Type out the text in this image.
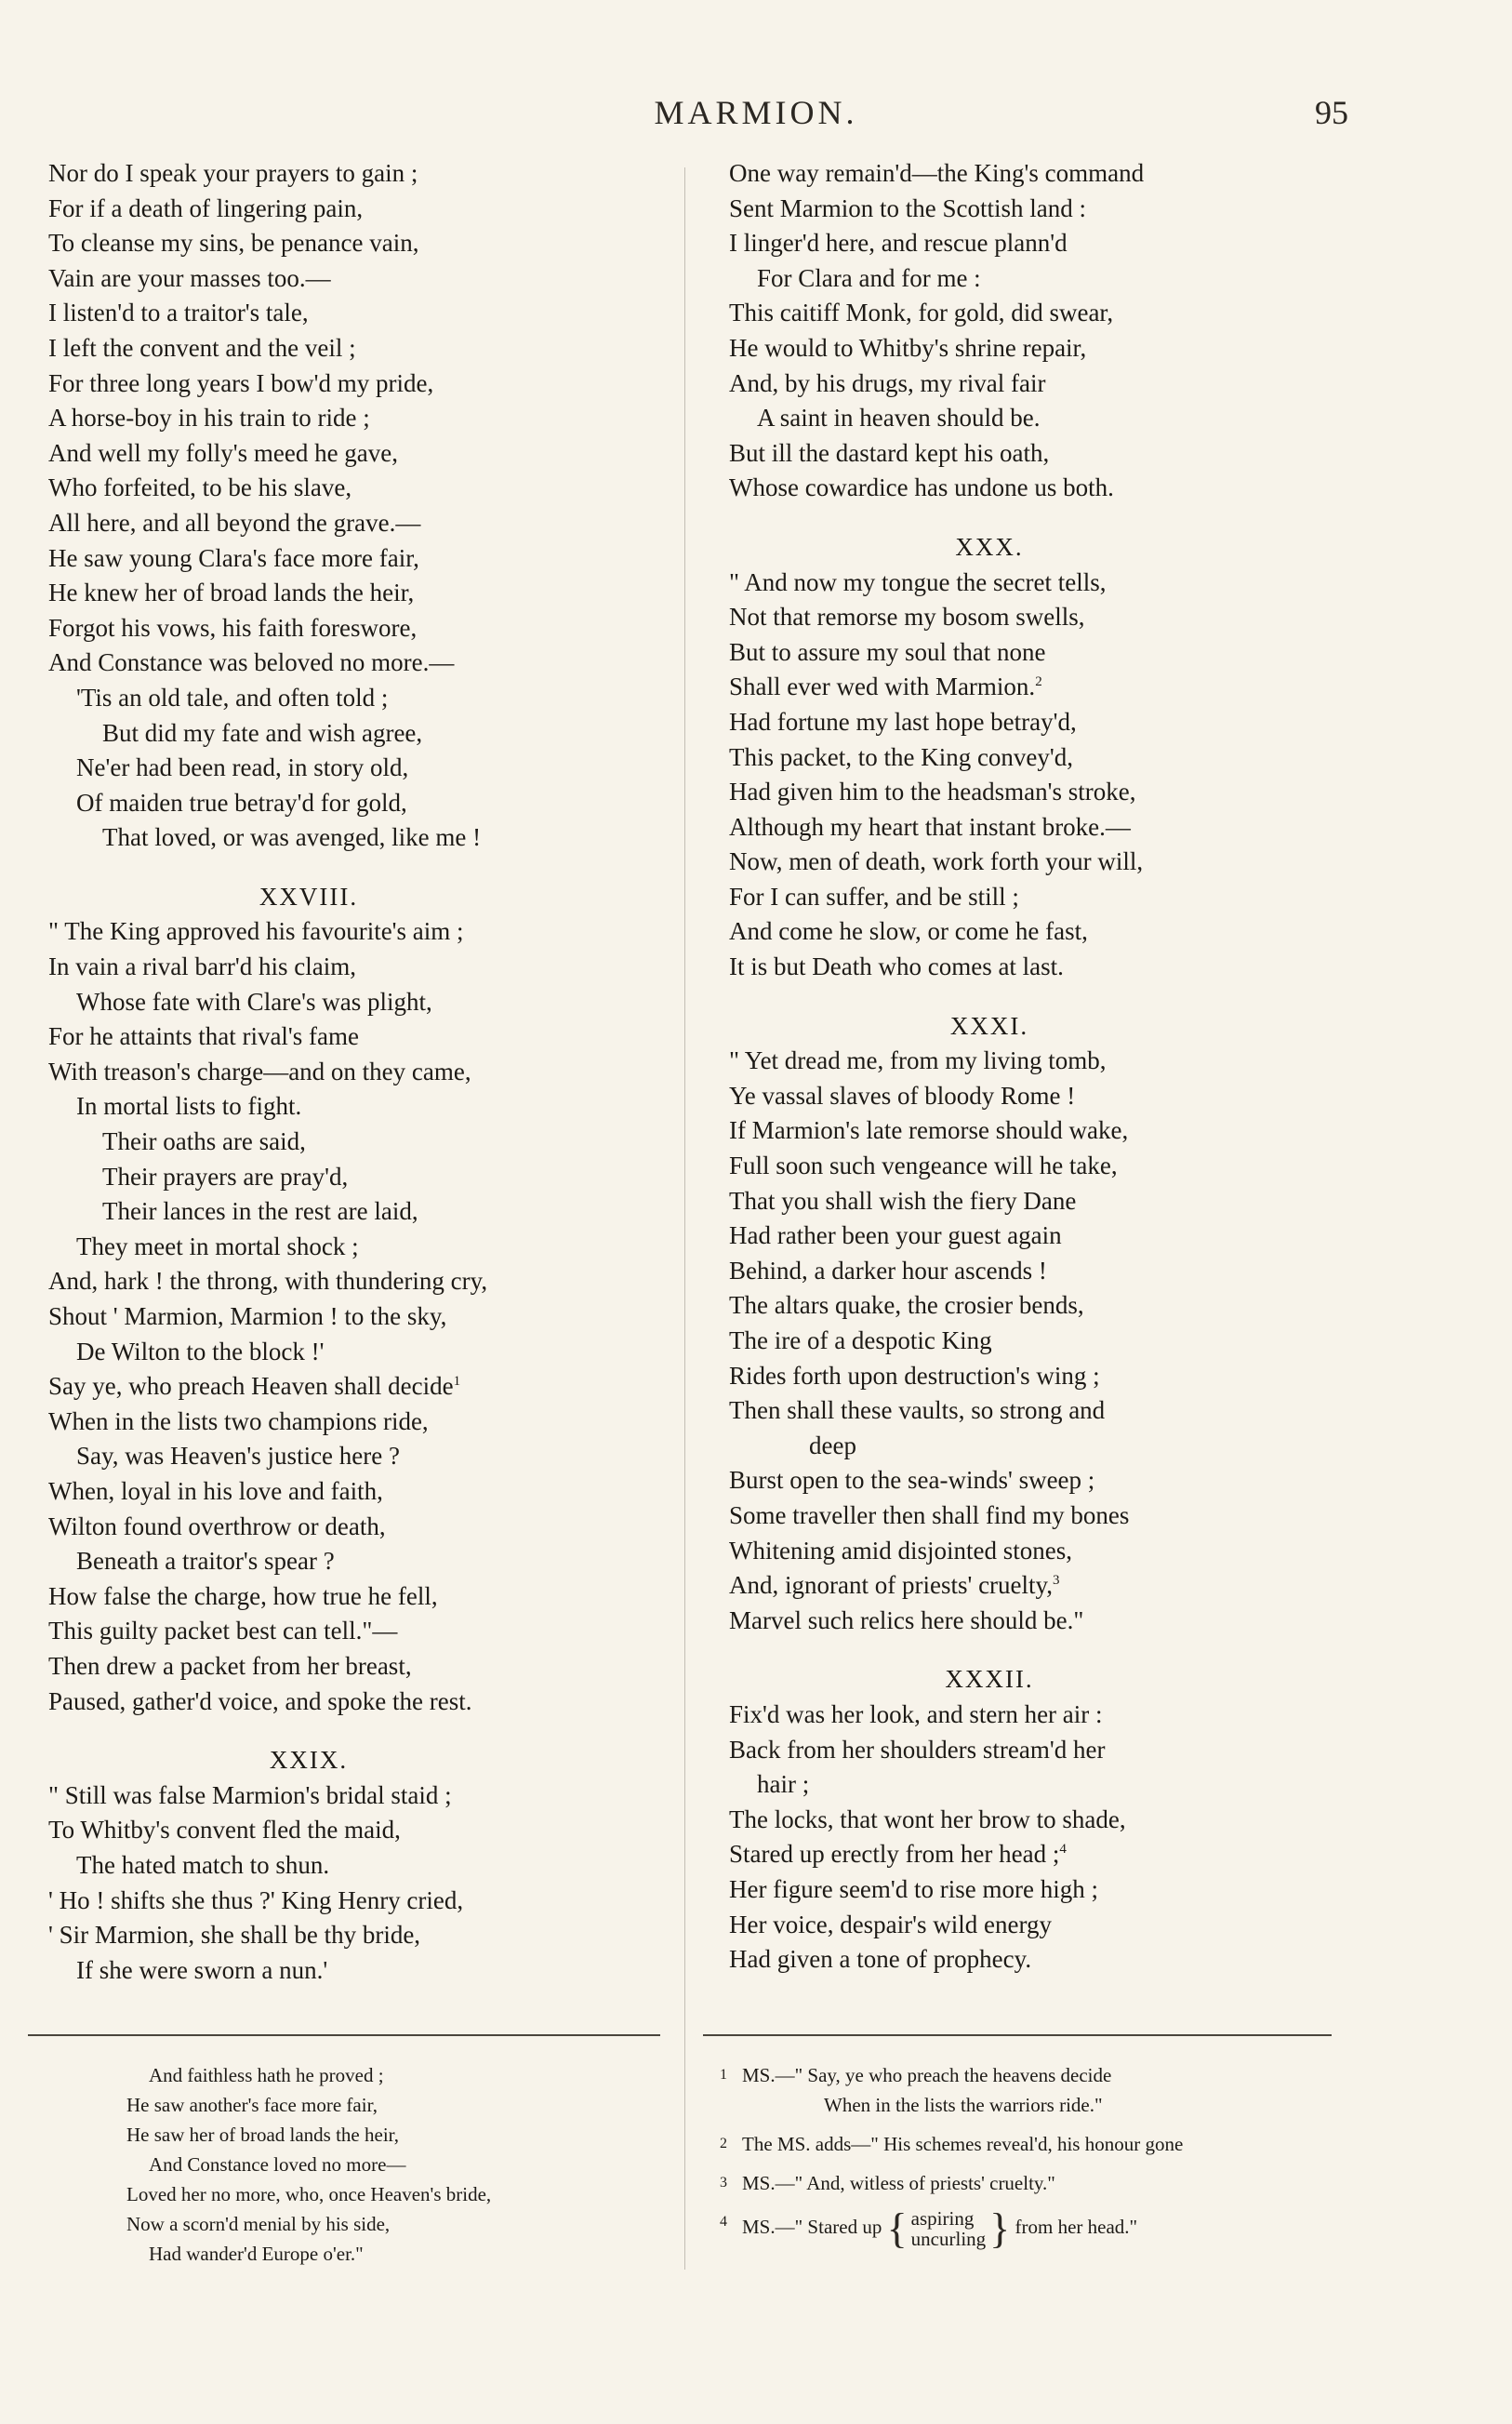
MARMION.	95
Nor do I speak your prayers to gain ;
For if a death of lingering pain,
To cleanse my sins, be penance vain,
Vain are your masses too.—
I listen'd to a traitor's tale,
I left the convent and the veil ;
For three long years I bow'd my pride,
A horse-boy in his train to ride ;
And well my folly's meed he gave,
Who forfeited, to be his slave,
All here, and all beyond the grave.—
He saw young Clara's face more fair,
He knew her of broad lands the heir,
Forgot his vows, his faith foreswore,
And Constance was beloved no more.—
'Tis an old tale, and often told ;
But did my fate and wish agree,
Ne'er had been read, in story old,
Of maiden true betray'd for gold,
That loved, or was avenged, like me !
XXVIII.
" The King approved his favourite's aim ;
In vain a rival barr'd his claim,
Whose fate with Clare's was plight,
For he attaints that rival's fame
With treason's charge—and on they came,
In mortal lists to fight.
Their oaths are said,
Their prayers are pray'd,
Their lances in the rest are laid,
They meet in mortal shock ;
And, hark ! the throng, with thundering cry,
Shout ' Marmion, Marmion ! to the sky,
De Wilton to the block !'
Say ye, who preach Heaven shall decide$^1$
When in the lists two champions ride,
Say, was Heaven's justice here ?
When, loyal in his love and faith,
Wilton found overthrow or death,
Beneath a traitor's spear ?
How false the charge, how true he fell,
This guilty packet best can tell."—
Then drew a packet from her breast,
Paused, gather'd voice, and spoke the rest.
XXIX.
" Still was false Marmion's bridal staid ;
To Whitby's convent fled the maid,
The hated match to shun.
' Ho ! shifts she thus ?' King Henry cried,
' Sir Marmion, she shall be thy bride,
If she were sworn a nun.'
One way remain'd—the King's command
Sent Marmion to the Scottish land :
I linger'd here, and rescue plann'd
For Clara and for me :
This caitiff Monk, for gold, did swear,
He would to Whitby's shrine repair,
And, by his drugs, my rival fair
A saint in heaven should be.
But ill the dastard kept his oath,
Whose cowardice has undone us both.
XXX.
" And now my tongue the secret tells,
Not that remorse my bosom swells,
But to assure my soul that none
Shall ever wed with Marmion.$^2$
Had fortune my last hope betray'd,
This packet, to the King convey'd,
Had given him to the headsman's stroke,
Although my heart that instant broke.—
Now, men of death, work forth your will,
For I can suffer, and be still ;
And come he slow, or come he fast,
It is but Death who comes at last.
XXXI.
" Yet dread me, from my living tomb,
Ye vassal slaves of bloody Rome !
If Marmion's late remorse should wake,
Full soon such vengeance will he take,
That you shall wish the fiery Dane
Had rather been your guest again
Behind, a darker hour ascends !
The altars quake, the crosier bends,
The ire of a despotic King
Rides forth upon destruction's wing ;
Then shall these vaults, so strong and
deep
Burst open to the sea-winds' sweep ;
Some traveller then shall find my bones
Whitening amid disjointed stones,
And, ignorant of priests' cruelty,$^3$
Marvel such relics here should be."
XXXII.
Fix'd was her look, and stern her air :
Back from her shoulders stream'd her
hair ;
The locks, that wont her brow to shade,
Stared up erectly from her head ;$^4$
Her figure seem'd to rise more high ;
Her voice, despair's wild energy
Had given a tone of prophecy.
And faithless hath he proved ;
He saw another's face more fair,
He saw her of broad lands the heir,
And Constance loved no more—
Loved her no more, who, once Heaven's bride,
Now a scorn'd menial by his side,
Had wander'd Europe o'er."
1 MS.—" Say, ye who preach the heavens decide
When in the lists the warriors ride."
2 The MS. adds—" His schemes reveal'd, his honour gone
3 MS.—" And, witless of priests' cruelty."
4 MS.—" Stared up { aspiring
uncurling } from her head."
